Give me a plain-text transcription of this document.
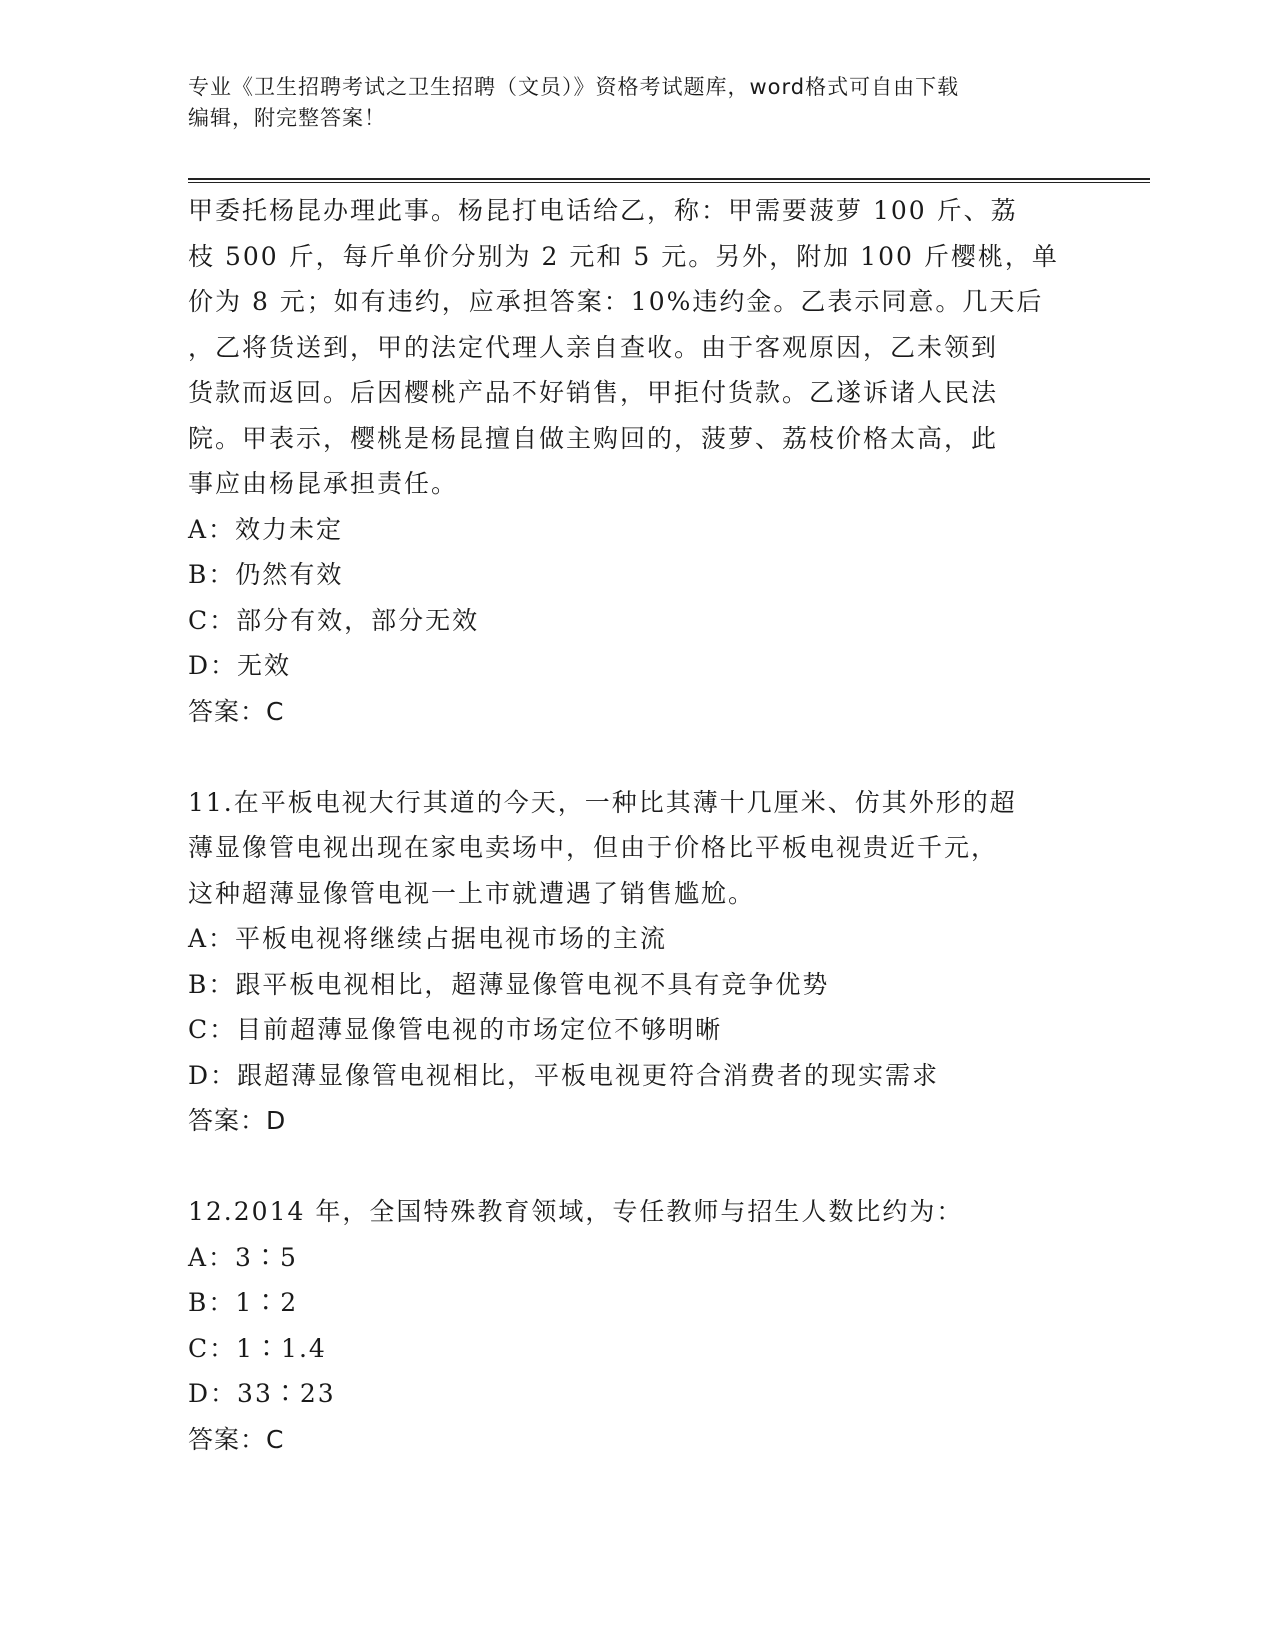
专业《卫生招聘考试之卫生招聘（文员）》资格考试题库，word格式可自由下载
编辑，附完整答案！
甲委托杨昆办理此事。杨昆打电话给乙，称：甲需要菠萝 100 斤、荔
枝 500 斤，每斤单价分别为 2 元和 5 元。另外，附加 100 斤樱桃，单
价为 8 元；如有违约，应承担答案：10%违约金。乙表示同意。几天后
，乙将货送到，甲的法定代理人亲自查收。由于客观原因，乙未领到
货款而返回。后因樱桃产品不好销售，甲拒付货款。乙遂诉诸人民法
院。甲表示，樱桃是杨昆擅自做主购回的，菠萝、荔枝价格太高，此
事应由杨昆承担责任。
A：效力未定
B：仍然有效
C：部分有效，部分无效
D：无效
答案：C
11.在平板电视大行其道的今天，一种比其薄十几厘米、仿其外形的超
薄显像管电视出现在家电卖场中，但由于价格比平板电视贵近千元，
这种超薄显像管电视一上市就遭遇了销售尴尬。
A：平板电视将继续占据电视市场的主流
B：跟平板电视相比，超薄显像管电视不具有竞争优势
C：目前超薄显像管电视的市场定位不够明晰
D：跟超薄显像管电视相比，平板电视更符合消费者的现实需求
答案：D
12.2014 年，全国特殊教育领域，专任教师与招生人数比约为：
A：3∶5
B：1∶2
C：1∶1.4
D：33∶23
答案：C
